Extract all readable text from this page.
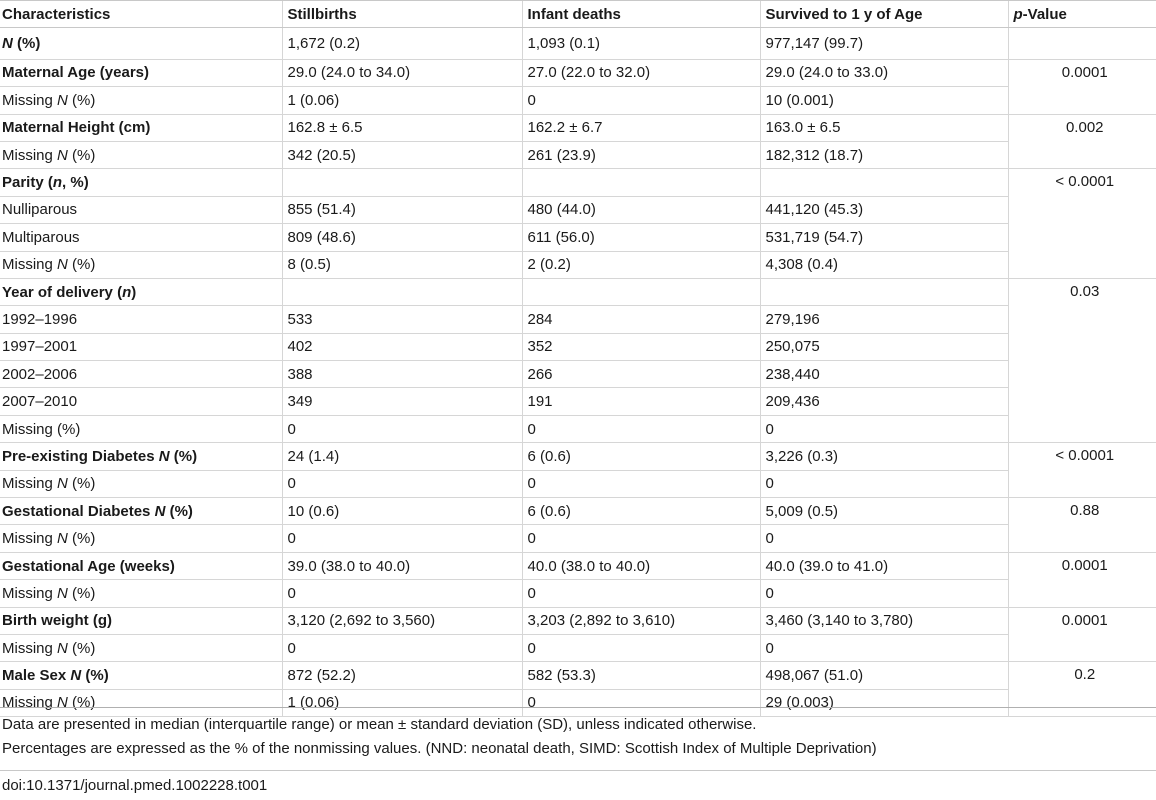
Characteristics	Stillbirths	Infant deaths	Survived to 1 y of Age	p-Value
N (%)	1,672 (0.2)	1,093 (0.1)	977,147 (99.7)	
Maternal Age (years)	29.0 (24.0 to 34.0)	27.0 (22.0 to 32.0)	29.0 (24.0 to 33.0)	0.0001
Missing N (%)	1 (0.06)	0	10 (0.001)	
Maternal Height (cm)	162.8 ± 6.5	162.2 ± 6.7	163.0 ± 6.5	0.002
Missing N (%)	342 (20.5)	261 (23.9)	182,312 (18.7)	
Parity (n, %)				< 0.0001
Nulliparous	855 (51.4)	480 (44.0)	441,120 (45.3)	
Multiparous	809 (48.6)	611 (56.0)	531,719 (54.7)	
Missing N (%)	8 (0.5)	2 (0.2)	4,308 (0.4)	
Year of delivery (n)				0.03
1992–1996	533	284	279,196	
1997–2001	402	352	250,075	
2002–2006	388	266	238,440	
2007–2010	349	191	209,436	
Missing (%)	0	0	0	
Pre-existing Diabetes N (%)	24 (1.4)	6 (0.6)	3,226 (0.3)	< 0.0001
Missing N (%)	0	0	0	
Gestational Diabetes N (%)	10 (0.6)	6 (0.6)	5,009 (0.5)	0.88
Missing N (%)	0	0	0	
Gestational Age (weeks)	39.0 (38.0 to 40.0)	40.0 (38.0 to 40.0)	40.0 (39.0 to 41.0)	0.0001
Missing N (%)	0	0	0	
Birth weight (g)	3,120 (2,692 to 3,560)	3,203 (2,892 to 3,610)	3,460 (3,140 to 3,780)	0.0001
Missing N (%)	0	0	0	
Male Sex N (%)	872 (52.2)	582 (53.3)	498,067 (51.0)	0.2
Missing N (%)	1 (0.06)	0	29 (0.003)	
Data are presented in median (interquartile range) or mean ± standard deviation (SD), unless indicated otherwise.
Percentages are expressed as the % of the nonmissing values. (NND: neonatal death, SIMD: Scottish Index of Multiple Deprivation)
doi:10.1371/journal.pmed.1002228.t001
